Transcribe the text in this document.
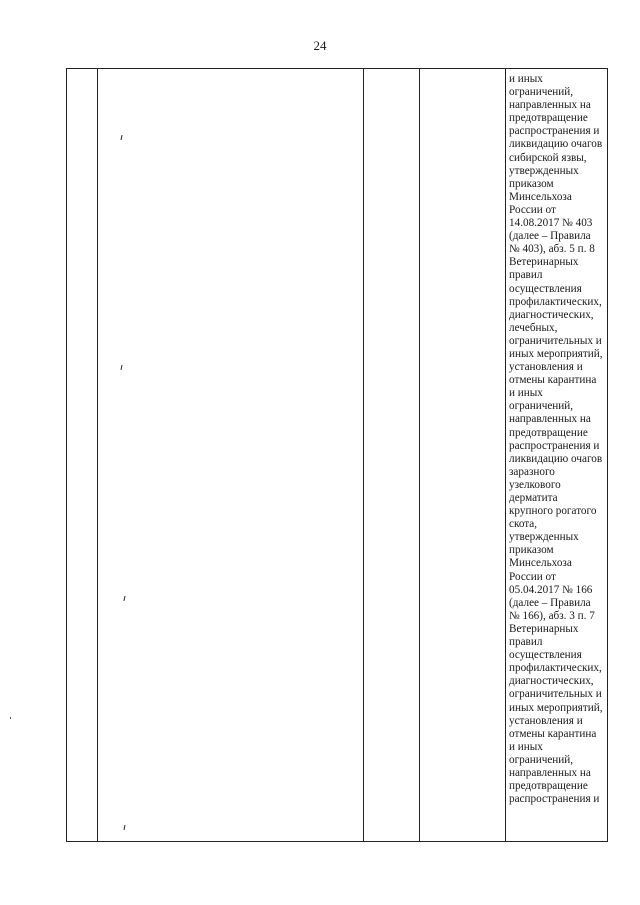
24
и иных
ограничений,
направленных на
предотвращение
распространения и
ликвидацию очагов
сибирской язвы,
утвержденных
приказом
Минсельхоза
России от
14.08.2017 № 403
(далее – Правила
№ 403), абз. 5 п. 8
Ветеринарных
правил
осуществления
профилактических,
диагностических,
лечебных,
ограничительных и
иных мероприятий,
установления и
отмены карантина
и иных
ограничений,
направленных на
предотвращение
распространения и
ликвидацию очагов
заразного
узелкового
дерматита
крупного рогатого
скота,
утвержденных
приказом
Минсельхоза
России от
05.04.2017 № 166
(далее – Правила
№ 166), абз. 3 п. 7
Ветеринарных
правил
осуществления
профилактических,
диагностических,
ограничительных и
иных мероприятий,
установления и
отмены карантина
и иных
ограничений,
направленных на
предотвращение
распространения и
